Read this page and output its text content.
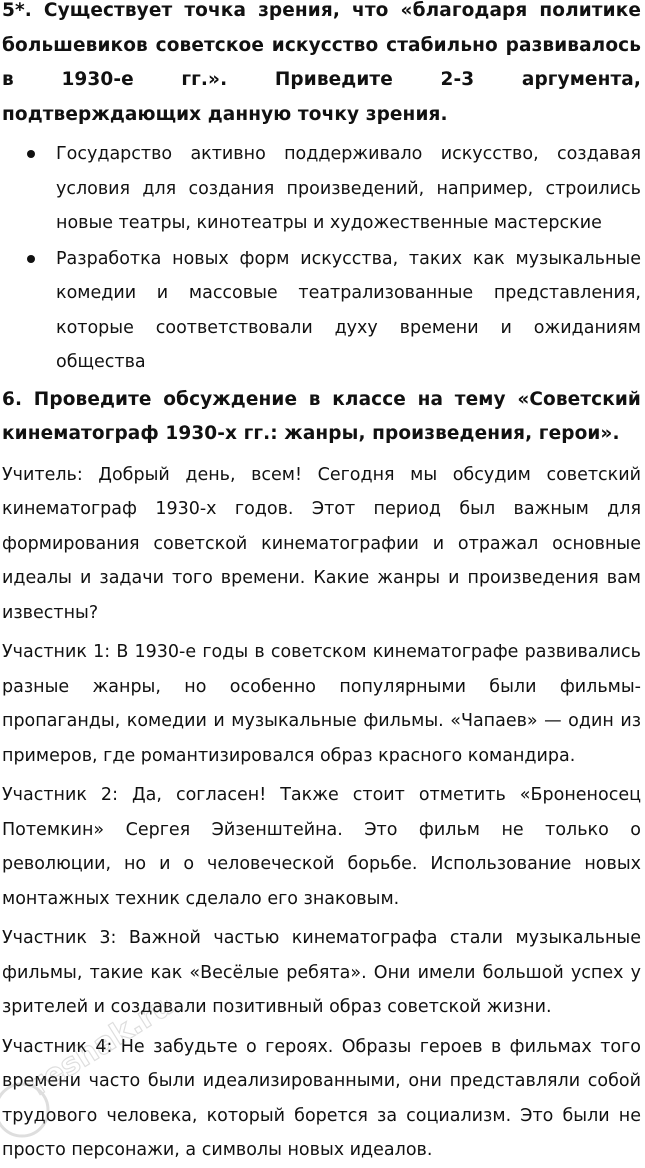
5*. Существует точка зрения, что «благодаря политике большевиков советское искусство стабильно развивалось в 1930-е гг.». Приведите 2-3 аргумента, подтверждающих данную точку зрения.

Государство активно поддерживало искусство, создавая условия для создания произведений, например, строились новые театры, кинотеатры и художественные мастерские
Разработка новых форм искусства, таких как музыкальные комедии и массовые театрализованные представления, которые соответствовали духу времени и ожиданиям общества

6. Проведите обсуждение в классе на тему «Советский кинематограф 1930-х гг.: жанры, произведения, герои».

Учитель: Добрый день, всем! Сегодня мы обсудим советский кинематограф 1930-х годов. Этот период был важным для формирования советской кинематографии и отражал основные идеалы и задачи того времени. Какие жанры и произведения вам известны?

Участник 1: В 1930-е годы в советском кинематографе развивались разные жанры, но особенно популярными были фильмы-пропаганды, комедии и музыкальные фильмы. «Чапаев» — один из примеров, где романтизировался образ красного командира.

Участник 2: Да, согласен! Также стоит отметить «Броненосец Потемкин» Сергея Эйзенштейна. Это фильм не только о революции, но и о человеческой борьбе. Использование новых монтажных техник сделало его знаковым.

Участник 3: Важной частью кинематографа стали музыкальные фильмы, такие как «Весёлые ребята». Они имели большой успех у зрителей и создавали позитивный образ советской жизни.

Участник 4: Не забудьте о героях. Образы героев в фильмах того времени часто были идеализированными, они представляли собой трудового человека, который борется за социализм. Это были не просто персонажи, а символы новых идеалов.

reshak.ru
